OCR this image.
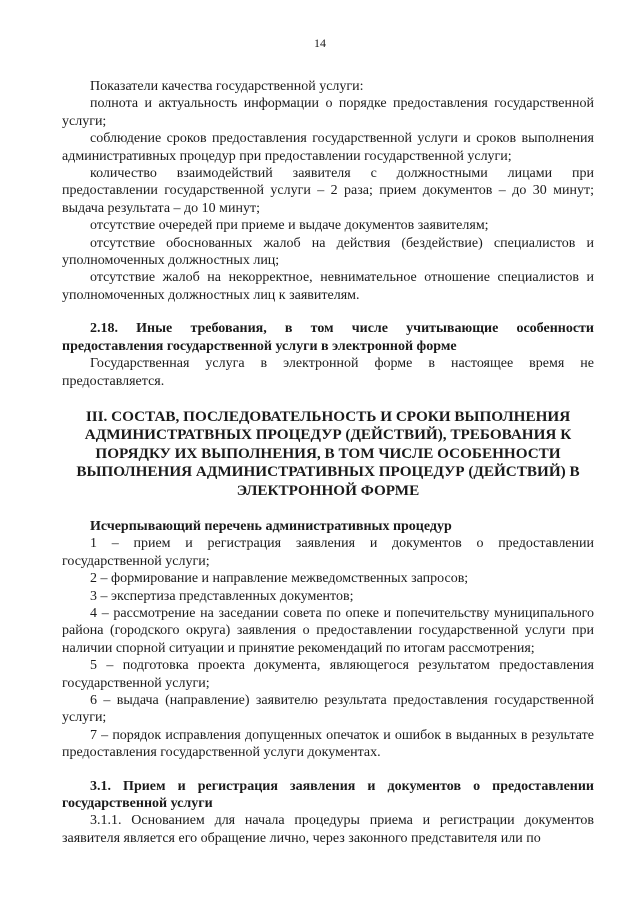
14

Показатели качества государственной услуги:

полнота и актуальность информации о порядке предоставления государственной услуги;

соблюдение сроков предоставления государственной услуги и сроков выполнения административных процедур при предоставлении государственной услуги;

количество взаимодействий заявителя с должностными лицами при предоставлении государственной услуги – 2 раза; прием документов – до 30 минут; выдача результата – до 10 минут;

отсутствие очередей при приеме и выдаче документов заявителям;

отсутствие обоснованных жалоб на действия (бездействие) специалистов и уполномоченных должностных лиц;

отсутствие жалоб на некорректное, невнимательное отношение специалистов и уполномоченных должностных лиц к заявителям.

2.18. Иные требования, в том числе учитывающие особенности предоставления государственной услуги в электронной форме

Государственная услуга в электронной форме в настоящее время не предоставляется.

III. СОСТАВ, ПОСЛЕДОВАТЕЛЬНОСТЬ И СРОКИ ВЫПОЛНЕНИЯ
АДМИНИСТРАТВНЫХ ПРОЦЕДУР (ДЕЙСТВИЙ), ТРЕБОВАНИЯ К
ПОРЯДКУ ИХ ВЫПОЛНЕНИЯ, В ТОМ ЧИСЛЕ ОСОБЕННОСТИ
ВЫПОЛНЕНИЯ АДМИНИСТРАТИВНЫХ ПРОЦЕДУР (ДЕЙСТВИЙ) В
ЭЛЕКТРОННОЙ ФОРМЕ

Исчерпывающий перечень административных процедур

1 – прием и регистрация заявления и документов о предоставлении государственной услуги;

2 – формирование и направление межведомственных запросов;

3 – экспертиза представленных документов;

4 – рассмотрение на заседании совета по опеке и попечительству муниципального района (городского округа) заявления о предоставлении государственной услуги при наличии спорной ситуации и принятие рекомендаций по итогам рассмотрения;

5 – подготовка проекта документа, являющегося результатом предоставления государственной услуги;

6 – выдача (направление) заявителю результата предоставления государственной услуги;

7 – порядок исправления допущенных опечаток и ошибок в выданных в результате предоставления государственной услуги документах.

3.1. Прием и регистрация заявления и документов о предоставлении государственной услуги

3.1.1. Основанием для начала процедуры приема и регистрации документов заявителя является его обращение лично, через законного представителя или по
